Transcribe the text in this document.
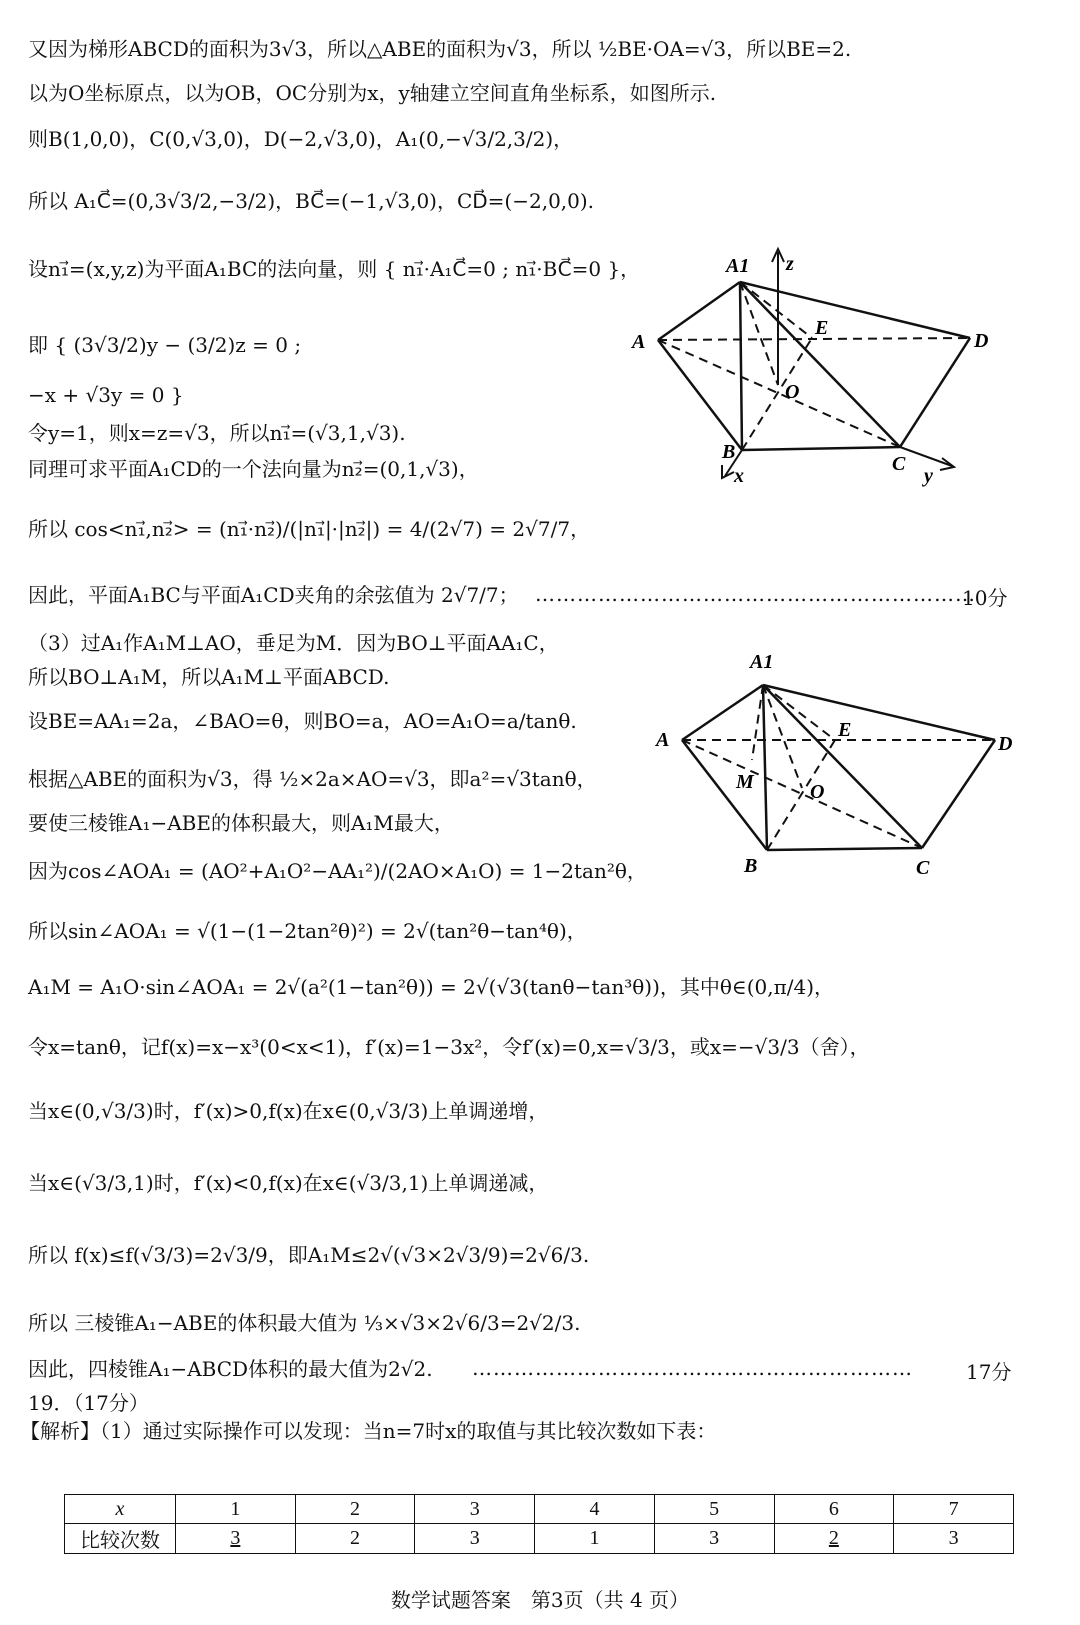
又因为梯形ABCD的面积为3√3，所以△ABE的面积为√3，所以 ½BE·OA=√3，所以BE=2.
以为O坐标原点，以为OB，OC分别为x，y轴建立空间直角坐标系，如图所示.
则B(1,0,0)，C(0,√3,0)，D(−2,√3,0)，A₁(0,−√3/2,3/2)，
所以 A₁C⃗=(0,3√3/2,−3/2)，BC⃗=(−1,√3,0)，CD⃗=(−2,0,0).
设n₁⃗=(x,y,z)为平面A₁BC的法向量，则 { n₁⃗·A₁C⃗=0 ; n₁⃗·BC⃗=0 }，
即 { (3√3/2)y − (3/2)z = 0 ;
−x + √3y = 0 }
令y=1，则x=z=√3，所以n₁⃗=(√3,1,√3).
同理可求平面A₁CD的一个法向量为n₂⃗=(0,1,√3)，
所以 cos<n₁⃗,n₂⃗> = (n₁⃗·n₂⃗)/(|n₁⃗|·|n₂⃗|) = 4/(2√7) = 2√7/7，
因此，平面A₁BC与平面A₁CD夹角的余弦值为 2√7/7； ………………………………………………………
10分
（3）过A₁作A₁M⊥AO，垂足为M．因为BO⊥平面AA₁C，
所以BO⊥A₁M，所以A₁M⊥平面ABCD.
设BE=AA₁=2a，∠BAO=θ，则BO=a，AO=A₁O=a/tanθ.
根据△ABE的面积为√3，得 ½×2a×AO=√3，即a²=√3tanθ，
要使三棱锥A₁−ABE的体积最大，则A₁M最大，
因为cos∠AOA₁ = (AO²+A₁O²−AA₁²)/(2AO×A₁O) = 1−2tan²θ，
所以sin∠AOA₁ = √(1−(1−2tan²θ)²) = 2√(tan²θ−tan⁴θ)，
A₁M = A₁O·sin∠AOA₁ = 2√(a²(1−tan²θ)) = 2√(√3(tanθ−tan³θ))，其中θ∈(0,π/4)，
令x=tanθ，记f(x)=x−x³(0<x<1)，f′(x)=1−3x²，令f′(x)=0,x=√3/3，或x=−√3/3（舍），
当x∈(0,√3/3)时，f′(x)>0,f(x)在x∈(0,√3/3)上单调递增，
当x∈(√3/3,1)时，f′(x)<0,f(x)在x∈(√3/3,1)上单调递减，
所以 f(x)≤f(√3/3)=2√3/9，即A₁M≤2√(√3×2√3/9)=2√6/3.
所以 三棱锥A₁−ABE的体积最大值为 ⅓×√3×2√6/3=2√2/3.
因此，四棱锥A₁−ABCD体积的最大值为2√2. ………………………………………………………	17分
19．（17分）
【解析】（1）通过实际操作可以发现：当n=7时x的取值与其比较次数如下表：
A1 z
A
E
D
O
B
C
x	y
A1
A	E
D
M	O
B	C
x	1	2	3	4	5	6	7
比较次数	3	2	3	1	3	2	3
数学试题答案　第3页（共 4 页）
